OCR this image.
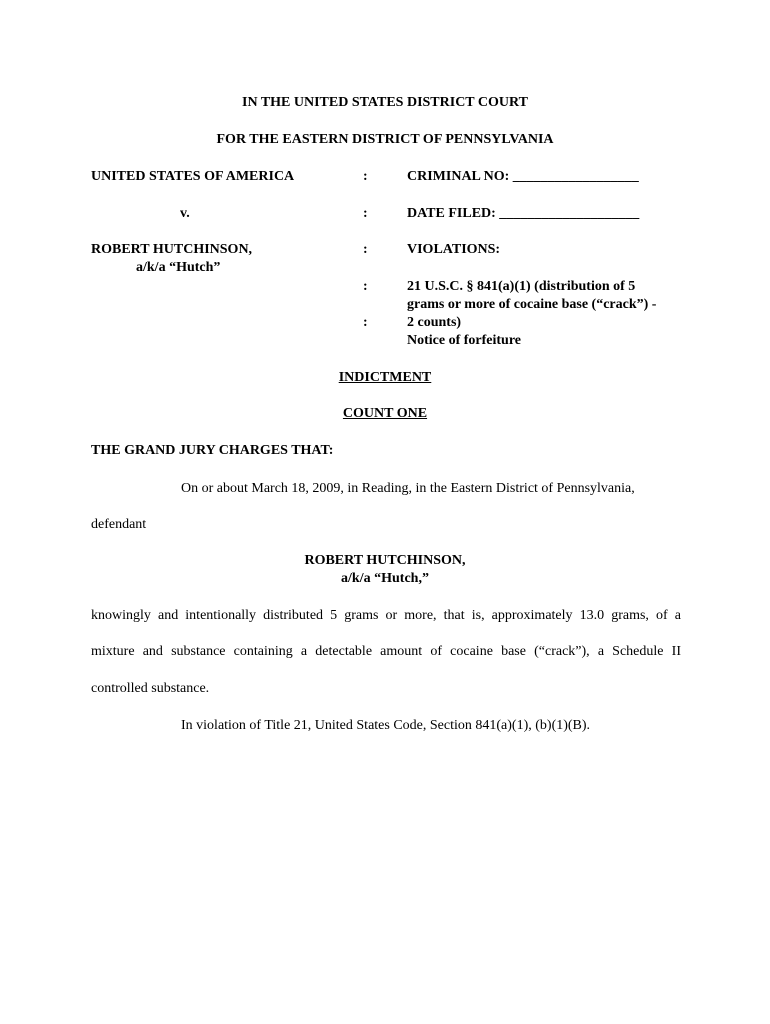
IN THE UNITED STATES DISTRICT COURT
FOR THE EASTERN DISTRICT OF PENNSYLVANIA
UNITED STATES OF AMERICA
v.
ROBERT HUTCHINSON,
a/k/a “Hutch”
:
:
:
:
:
CRIMINAL NO: __________________
DATE FILED: ____________________
VIOLATIONS:
21 U.S.C. § 841(a)(1) (distribution of 5
grams or more of cocaine base (“crack”) -
2 counts)
Notice of forfeiture
INDICTMENT
COUNT ONE
THE GRAND JURY CHARGES THAT:
On or about March 18, 2009, in Reading, in the Eastern District of Pennsylvania,
defendant
ROBERT HUTCHINSON,
a/k/a “Hutch,”
knowingly and intentionally distributed 5 grams or more, that is, approximately 13.0 grams, of a
mixture and substance containing a detectable amount of cocaine base (“crack”), a Schedule II
controlled substance.
In violation of Title 21, United States Code, Section 841(a)(1), (b)(1)(B).
